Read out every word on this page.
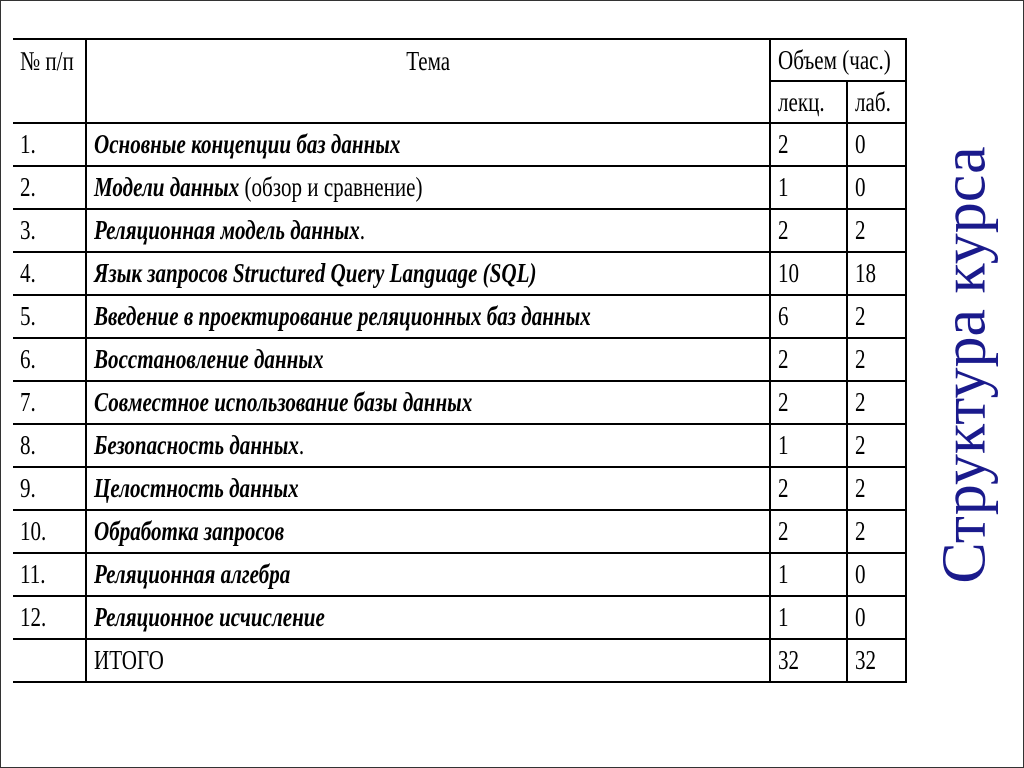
№ п/п	Тема	Объем (час.)	
		лекц.	лаб.
1.	Основные концепции баз данных	2	0
2.	Модели данных (обзор и сравнение)	1	0
3.	Реляционная модель данных.	2	2
4.	Язык запросов Structured Query Language (SQL)	10	18
5.	Введение в проектирование реляционных баз данных	6	2
6.	Восстановление данных	2	2
7.	Совместное использование базы данных	2	2
8.	Безопасность данных.	1	2
9.	Целостность данных	2	2
10.	Обработка запросов	2	2
11.	Реляционная алгебра	1	0
12.	Реляционное исчисление	1	0
	ИТОГО	32	32
Структура курса
